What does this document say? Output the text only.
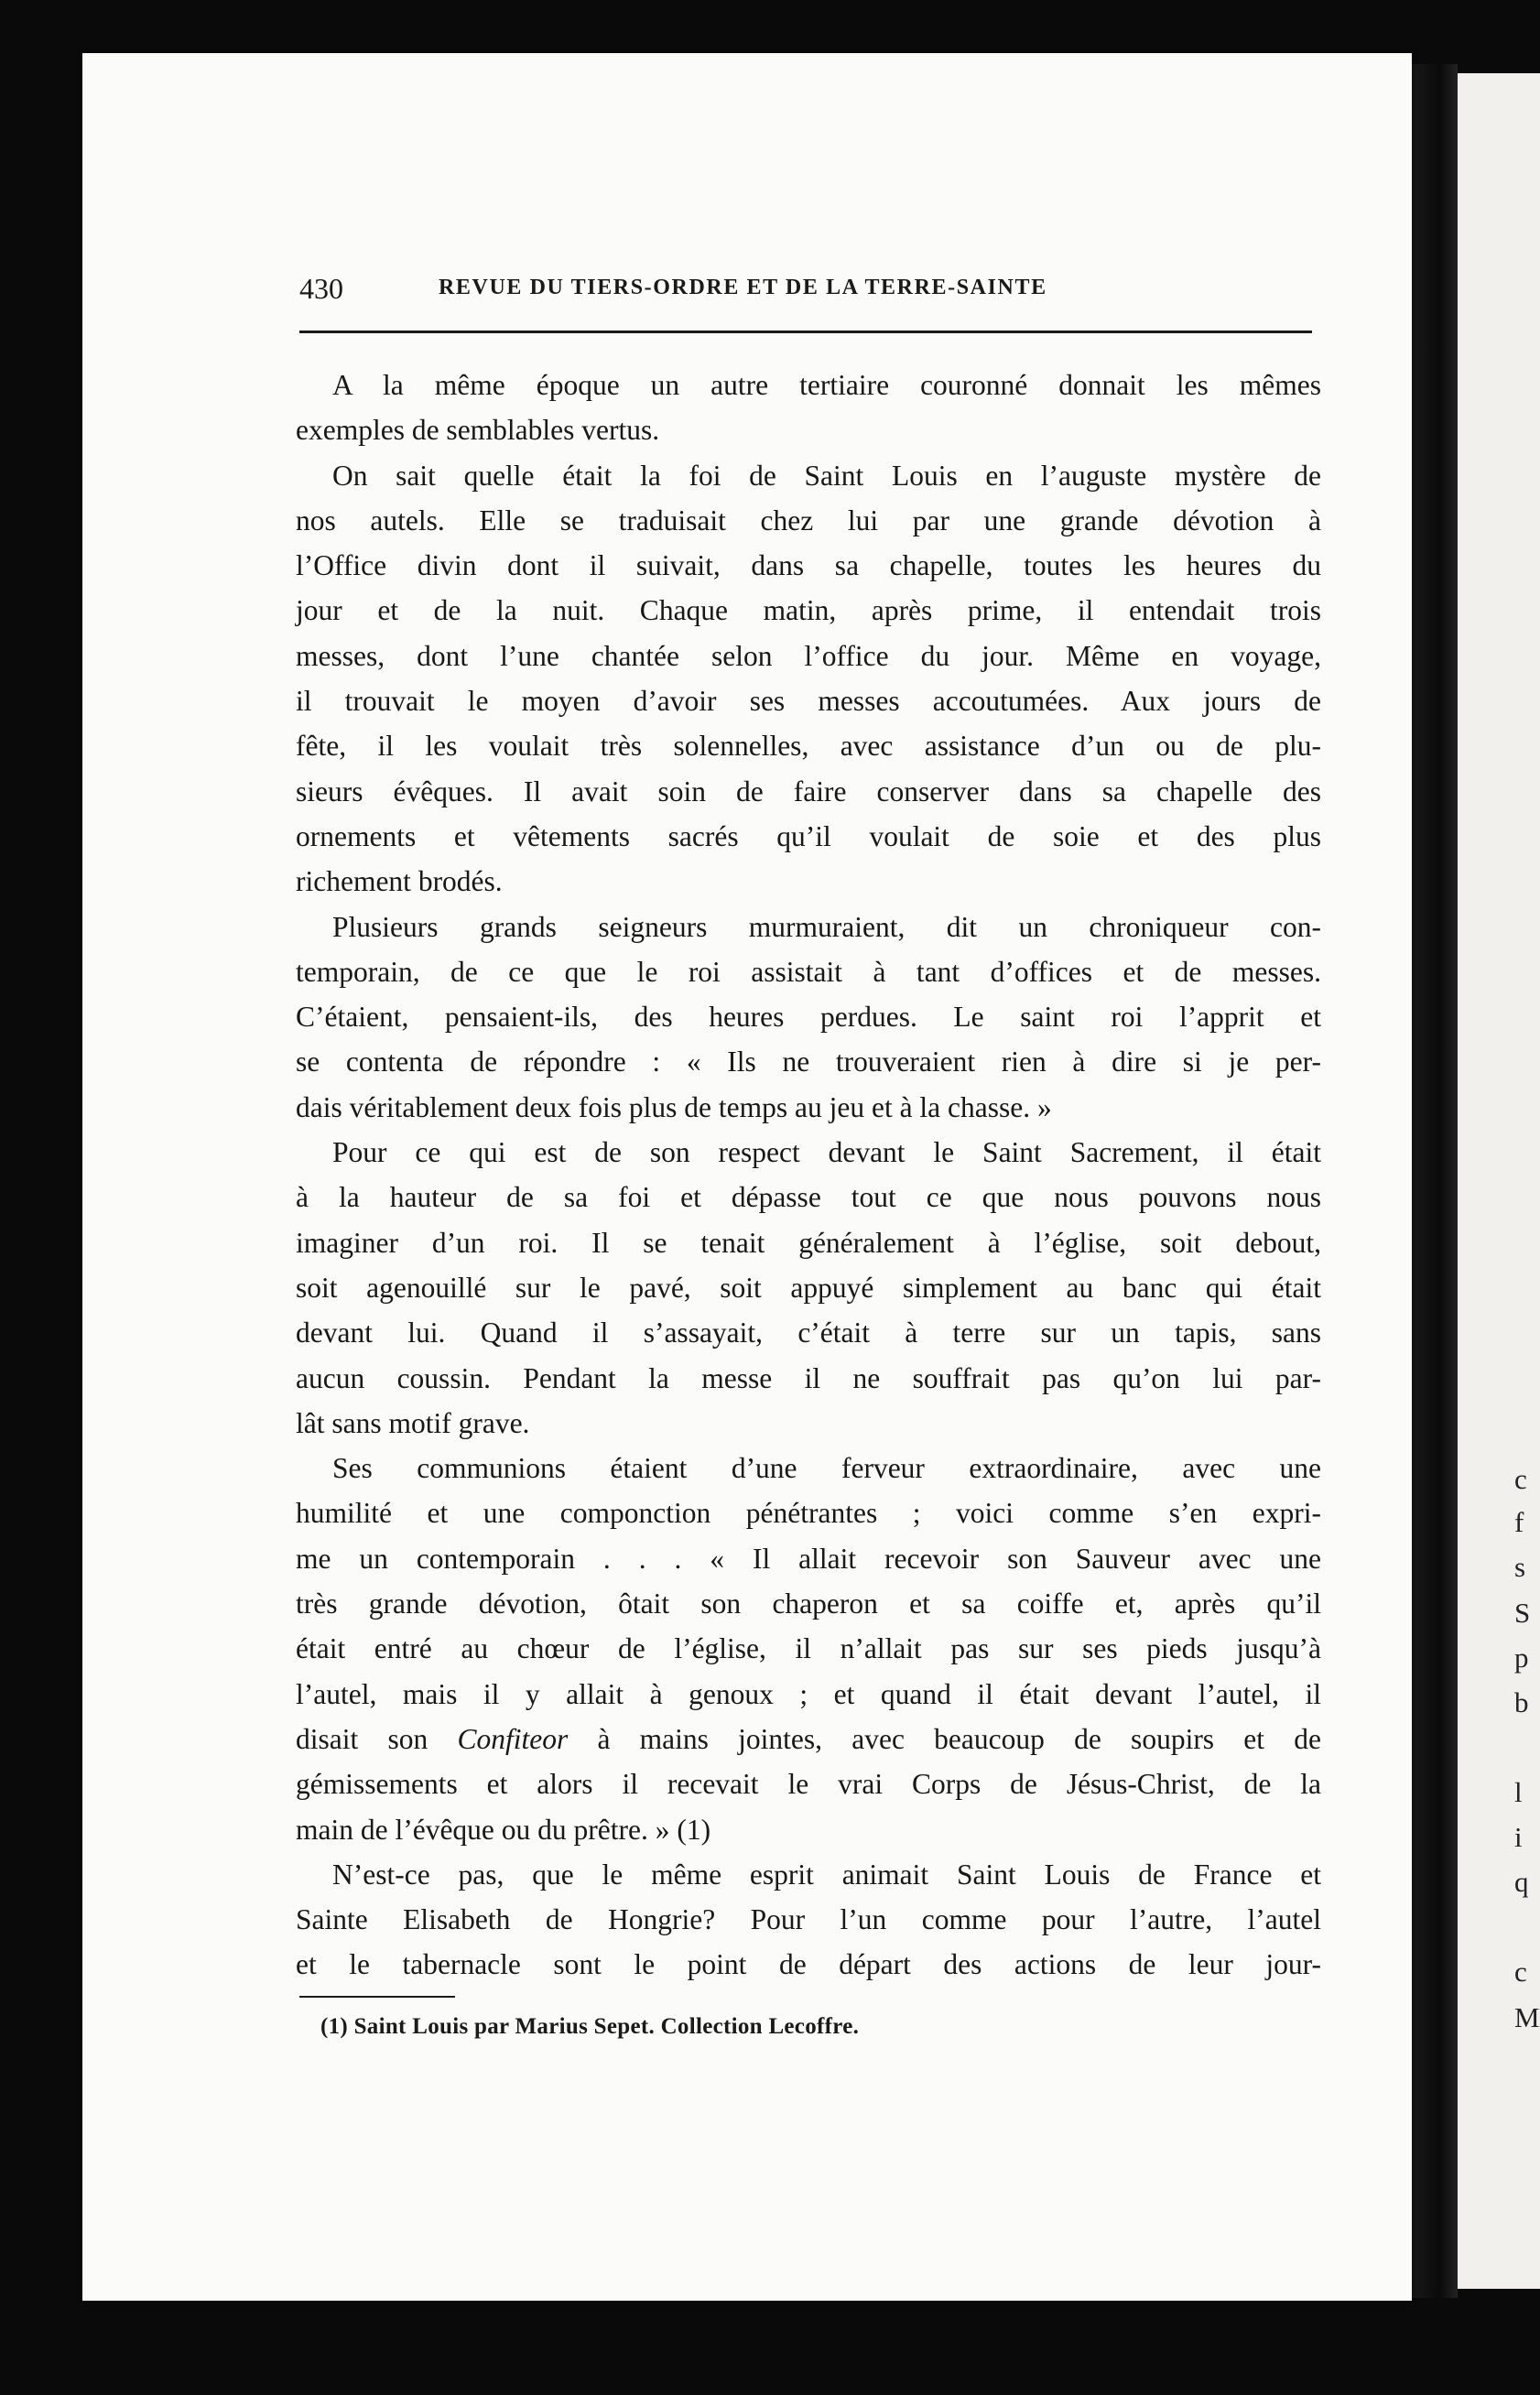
c
f
s
S
p
b
l
i
q
c
M
430	REVUE DU TIERS-ORDRE ET DE LA TERRE-SAINTE
A la même époque un autre tertiaire couronné donnait les mêmes
exemples de semblables vertus.
On sait quelle était la foi de Saint Louis en l’auguste mystère de
nos autels. Elle se traduisait chez lui par une grande dévotion à
l’Office divin dont il suivait, dans sa chapelle, toutes les heures du
jour et de la nuit. Chaque matin, après prime, il entendait trois
messes, dont l’une chantée selon l’office du jour. Même en voyage,
il trouvait le moyen d’avoir ses messes accoutumées. Aux jours de
fête, il les voulait très solennelles, avec assistance d’un ou de plu-
sieurs évêques. Il avait soin de faire conserver dans sa chapelle des
ornements et vêtements sacrés qu’il voulait de soie et des plus
richement brodés.
Plusieurs grands seigneurs murmuraient, dit un chroniqueur con-
temporain, de ce que le roi assistait à tant d’offices et de messes.
C’étaient, pensaient-ils, des heures perdues. Le saint roi l’apprit et
se contenta de répondre : « Ils ne trouveraient rien à dire si je per-
dais véritablement deux fois plus de temps au jeu et à la chasse. »
Pour ce qui est de son respect devant le Saint Sacrement, il était
à la hauteur de sa foi et dépasse tout ce que nous pouvons nous
imaginer d’un roi. Il se tenait généralement à l’église, soit debout,
soit agenouillé sur le pavé, soit appuyé simplement au banc qui était
devant lui. Quand il s’assayait, c’était à terre sur un tapis, sans
aucun coussin. Pendant la messe il ne souffrait pas qu’on lui par-
lât sans motif grave.
Ses communions étaient d’une ferveur extraordinaire, avec une
humilité et une componction pénétrantes ; voici comme s’en expri-
me un contemporain . . . « Il allait recevoir son Sauveur avec une
très grande dévotion, ôtait son chaperon et sa coiffe et, après qu’il
était entré au chœur de l’église, il n’allait pas sur ses pieds jusqu’à
l’autel, mais il y allait à genoux ; et quand il était devant l’autel, il
disait son Confiteor à mains jointes, avec beaucoup de soupirs et de
gémissements et alors il recevait le vrai Corps de Jésus-Christ, de la
main de l’évêque ou du prêtre. » (1)
N’est-ce pas, que le même esprit animait Saint Louis de France et
Sainte Elisabeth de Hongrie? Pour l’un comme pour l’autre, l’autel
et le tabernacle sont le point de départ des actions de leur jour-
(1) Saint Louis par Marius Sepet. Collection Lecoffre.
